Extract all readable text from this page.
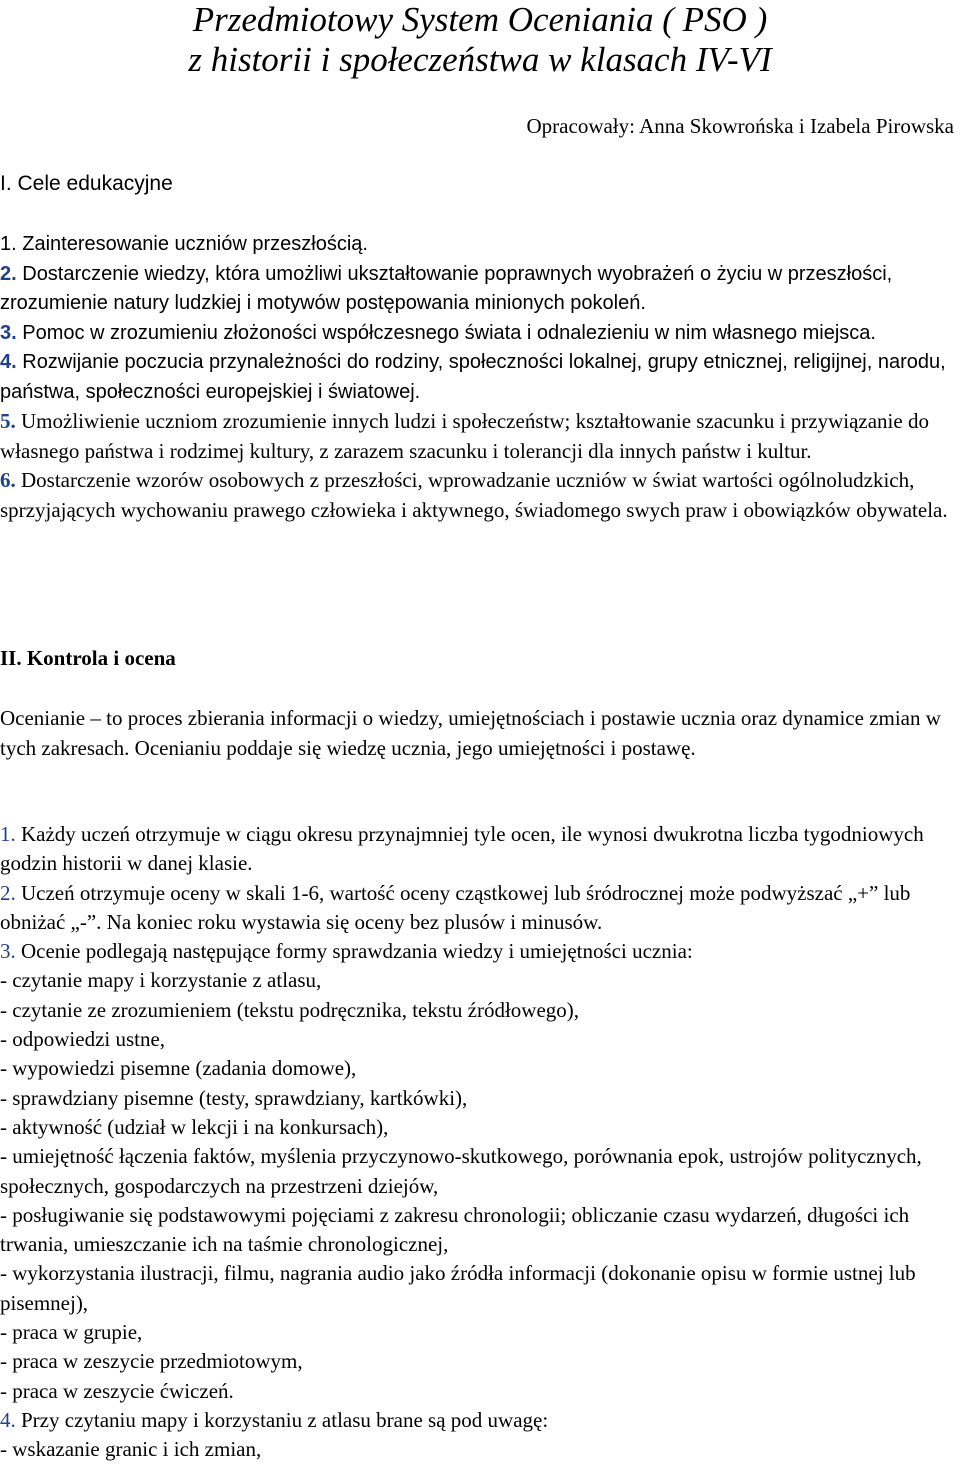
Przedmiotowy System Oceniania ( PSO )
z historii i społeczeństwa w klasach IV-VI
Opracowały: Anna Skowrońska i Izabela Pirowska
I. Cele edukacyjne

1. Zainteresowanie uczniów przeszłością.

2. Dostarczenie wiedzy, która umożliwi ukształtowanie poprawnych wyobrażeń o życiu w przeszłości, zrozumienie natury ludzkiej i motywów postępowania minionych pokoleń.

3. Pomoc w zrozumieniu złożoności współczesnego świata i odnalezieniu w nim własnego miejsca.

4. Rozwijanie poczucia przynależności do rodziny, społeczności lokalnej, grupy etnicznej, religijnej, narodu, państwa, społeczności europejskiej i światowej.

5. Umożliwienie uczniom zrozumienie innych ludzi i społeczeństw; kształtowanie szacunku i przywiązanie do własnego państwa i rodzimej kultury, z zarazem szacunku i tolerancji dla innych państw i kultur.

6. Dostarczenie wzorów osobowych z przeszłości, wprowadzanie uczniów w świat wartości ogólnoludzkich, sprzyjających wychowaniu prawego człowieka i aktywnego, świadomego swych praw i obowiązków obywatela.

II. Kontrola i ocena

Ocenianie – to proces zbierania informacji o wiedzy, umiejętnościach i postawie ucznia oraz dynamice zmian w tych zakresach. Ocenianiu poddaje się wiedzę ucznia, jego umiejętności i postawę.

1. Każdy uczeń otrzymuje w ciągu okresu przynajmniej tyle ocen, ile wynosi dwukrotna liczba tygodniowych godzin historii w danej klasie.

2. Uczeń otrzymuje oceny w skali 1-6, wartość oceny cząstkowej lub śródrocznej może podwyższać „+” lub obniżać „-”. Na koniec roku wystawia się oceny bez plusów i minusów.

3. Ocenie podlegają następujące formy sprawdzania wiedzy i umiejętności ucznia:

- czytanie mapy i korzystanie z atlasu,

- czytanie ze zrozumieniem (tekstu podręcznika, tekstu źródłowego),

- odpowiedzi ustne,

- wypowiedzi pisemne (zadania domowe),

- sprawdziany pisemne (testy, sprawdziany, kartkówki),

- aktywność (udział w lekcji i na konkursach),

- umiejętność łączenia faktów, myślenia przyczynowo-skutkowego, porównania epok, ustrojów politycznych, społecznych, gospodarczych na przestrzeni dziejów,

- posługiwanie się podstawowymi pojęciami z zakresu chronologii; obliczanie czasu wydarzeń, długości ich trwania, umieszczanie ich na taśmie chronologicznej,

- wykorzystania ilustracji, filmu, nagrania audio jako źródła informacji (dokonanie opisu w formie ustnej lub pisemnej),

- praca w grupie,

- praca w zeszycie przedmiotowym,

- praca w zeszycie ćwiczeń.

4. Przy czytaniu mapy i korzystaniu z atlasu brane są pod uwagę:

- wskazanie granic i ich zmian,
